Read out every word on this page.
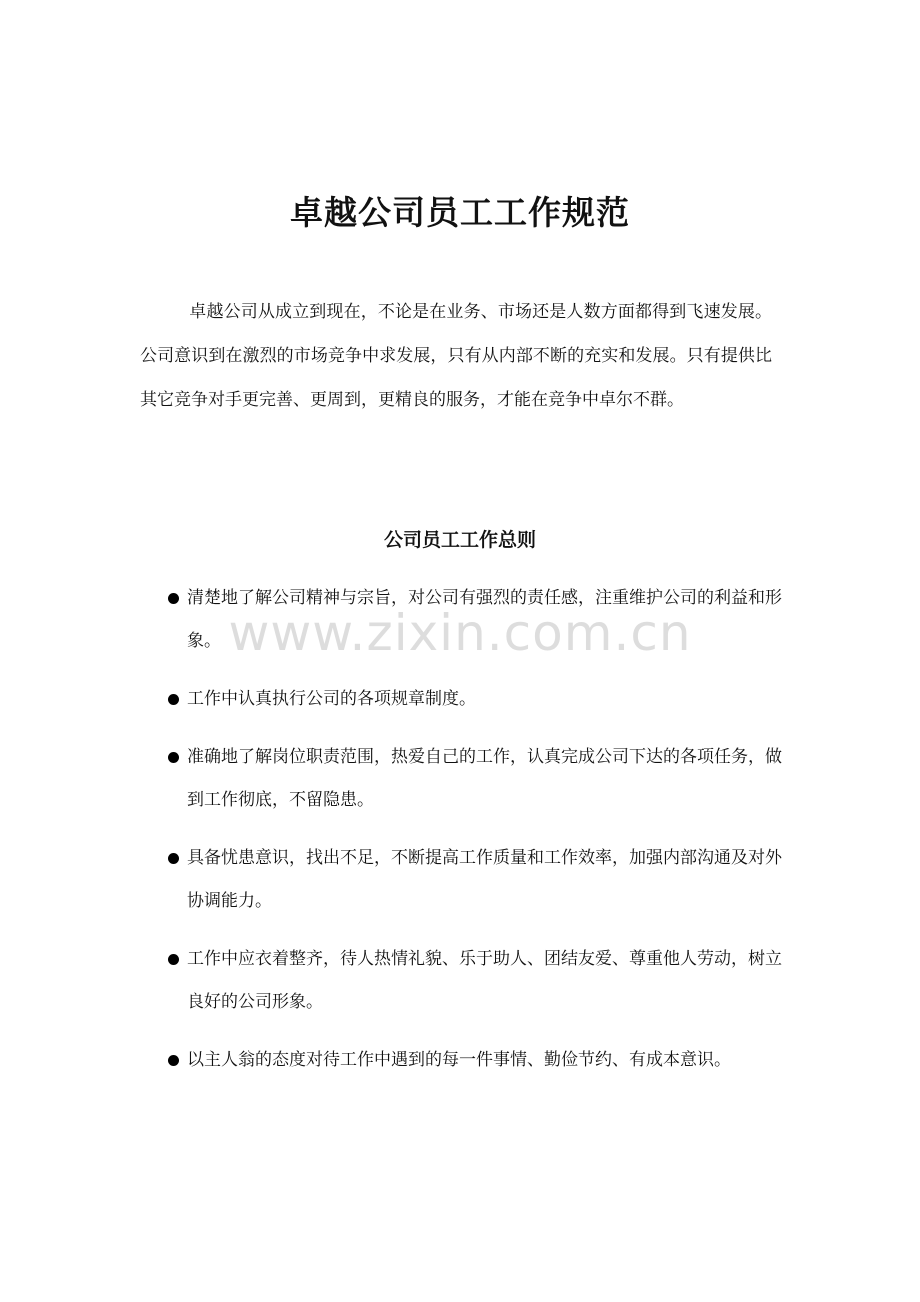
卓越公司员工工作规范

卓越公司从成立到现在，不论是在业务、市场还是人数方面都得到飞速发展。公司意识到在激烈的市场竞争中求发展，只有从内部不断的充实和发展。只有提供比其它竞争对手更完善、更周到，更精良的服务，才能在竞争中卓尔不群。

公司员工工作总则
清楚地了解公司精神与宗旨，对公司有强烈的责任感，注重维护公司的利益和形象。
工作中认真执行公司的各项规章制度。
准确地了解岗位职责范围，热爱自己的工作，认真完成公司下达的各项任务，做到工作彻底，不留隐患。
具备忧患意识，找出不足，不断提高工作质量和工作效率，加强内部沟通及对外协调能力。
工作中应衣着整齐，待人热情礼貌、乐于助人、团结友爱、尊重他人劳动，树立良好的公司形象。
以主人翁的态度对待工作中遇到的每一件事情、勤俭节约、有成本意识。
www.zixin.com.cn
